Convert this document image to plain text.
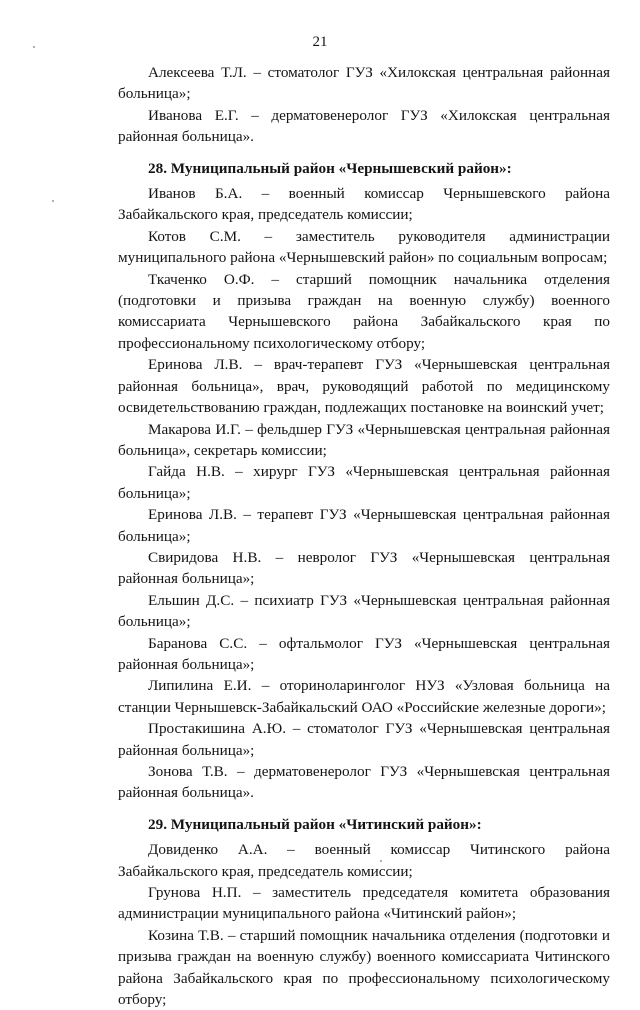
21

Алексеева Т.Л. – стоматолог ГУЗ «Хилокская центральная районная больница»;

Иванова Е.Г. – дерматовенеролог ГУЗ «Хилокская центральная районная больница».

28. Муниципальный район «Чернышевский район»:

Иванов Б.А. – военный комиссар Чернышевского района Забайкальского края, председатель комиссии;

Котов С.М. – заместитель руководителя администрации муниципального района «Чернышевский район» по социальным вопросам;

Ткаченко О.Ф. – старший помощник начальника отделения (подготовки и призыва граждан на военную службу) военного комиссариата Чернышевского района Забайкальского края по профессиональному психологическому отбору;

Еринова Л.В. – врач-терапевт ГУЗ «Чернышевская центральная районная больница», врач, руководящий работой по медицинскому освидетельствованию граждан, подлежащих постановке на воинский учет;

Макарова И.Г. – фельдшер ГУЗ «Чернышевская центральная районная больница», секретарь комиссии;

Гайда Н.В. – хирург ГУЗ «Чернышевская центральная районная больница»;

Еринова Л.В. – терапевт ГУЗ «Чернышевская центральная районная больница»;

Свиридова Н.В. – невролог ГУЗ «Чернышевская центральная районная больница»;

Ельшин Д.С. – психиатр ГУЗ «Чернышевская центральная районная больница»;

Баранова С.С. – офтальмолог ГУЗ «Чернышевская центральная районная больница»;

Липилина Е.И. – оториноларинголог НУЗ «Узловая больница на станции Чернышевск-Забайкальский ОАО «Российские железные дороги»;

Простакишина А.Ю. – стоматолог ГУЗ «Чернышевская центральная районная больница»;

Зонова Т.В. – дерматовенеролог ГУЗ «Чернышевская центральная районная больница».

29. Муниципальный район «Читинский район»:

Довиденко А.А. – военный комиссар Читинского района Забайкальского края, председатель комиссии;

Грунова Н.П. – заместитель председателя комитета образования администрации муниципального района «Читинский район»;

Козина Т.В. – старший помощник начальника отделения (подготовки и призыва граждан на военную службу) военного комиссариата Читинского района Забайкальского края по профессиональному психологическому отбору;
